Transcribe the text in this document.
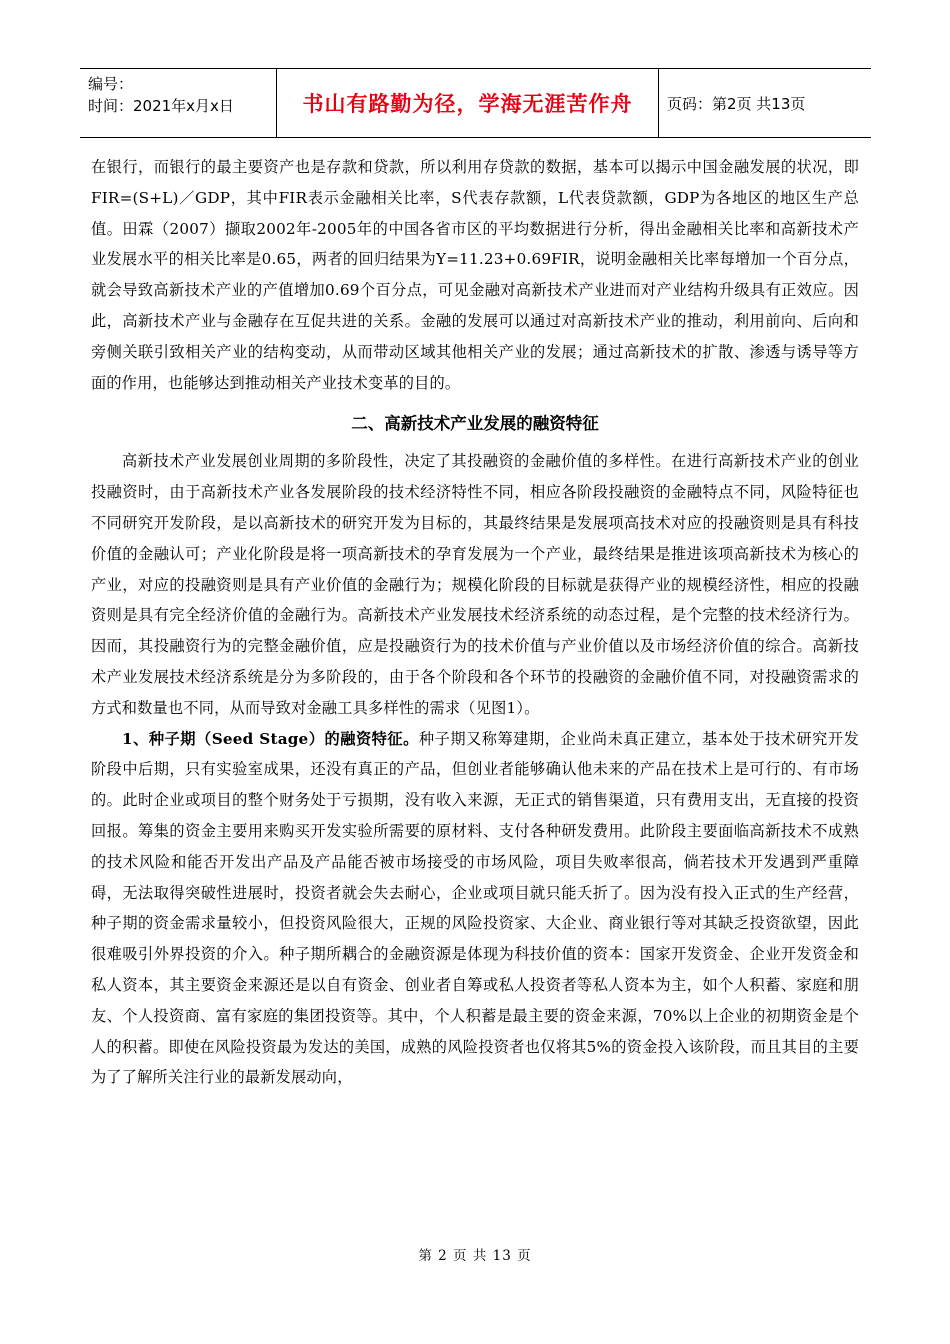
编号：
时间：2021年x月x日	书山有路勤为径，学海无涯苦作舟 页码：第2页 共13页

在银行，而银行的最主要资产也是存款和贷款，所以利用存贷款的数据，基本可以揭示中国金融发展的状况，即FIR=(S+L)／GDP，其中FIR表示金融相关比率，S代表存款额，L代表贷款额，GDP为各地区的地区生产总值。田霖（2007）撷取2002年-2005年的中国各省市区的平均数据进行分析，得出金融相关比率和高新技术产业发展水平的相关比率是0.65，两者的回归结果为Y=11.23+0.69FIR，说明金融相关比率每增加一个百分点，就会导致高新技术产业的产值增加0.69个百分点，可见金融对高新技术产业进而对产业结构升级具有正效应。因此，高新技术产业与金融存在互促共进的关系。金融的发展可以通过对高新技术产业的推动，利用前向、后向和旁侧关联引致相关产业的结构变动，从而带动区域其他相关产业的发展；通过高新技术的扩散、渗透与诱导等方面的作用，也能够达到推动相关产业技术变革的目的。

二、高新技术产业发展的融资特征

高新技术产业发展创业周期的多阶段性，决定了其投融资的金融价值的多样性。在进行高新技术产业的创业投融资时，由于高新技术产业各发展阶段的技术经济特性不同，相应各阶段投融资的金融特点不同，风险特征也不同研究开发阶段，是以高新技术的研究开发为目标的，其最终结果是发展项高技术对应的投融资则是具有科技价值的金融认可；产业化阶段是将一项高新技术的孕育发展为一个产业，最终结果是推进该项高新技术为核心的产业，对应的投融资则是具有产业价值的金融行为；规模化阶段的目标就是获得产业的规模经济性，相应的投融资则是具有完全经济价值的金融行为。高新技术产业发展技术经济系统的动态过程，是个完整的技术经济行为。因而，其投融资行为的完整金融价值，应是投融资行为的技术价值与产业价值以及市场经济价值的综合。高新技术产业发展技术经济系统是分为多阶段的，由于各个阶段和各个环节的投融资的金融价值不同，对投融资需求的方式和数量也不同，从而导致对金融工具多样性的需求（见图1）。

1、种子期（Seed Stage）的融资特征。种子期又称筹建期，企业尚未真正建立，基本处于技术研究开发阶段中后期，只有实验室成果，还没有真正的产品，但创业者能够确认他未来的产品在技术上是可行的、有市场的。此时企业或项目的整个财务处于亏损期，没有收入来源，无正式的销售渠道，只有费用支出，无直接的投资回报。筹集的资金主要用来购买开发实验所需要的原材料、支付各种研发费用。此阶段主要面临高新技术不成熟的技术风险和能否开发出产品及产品能否被市场接受的市场风险，项目失败率很高，倘若技术开发遇到严重障碍，无法取得突破性进展时，投资者就会失去耐心，企业或项目就只能夭折了。因为没有投入正式的生产经营，种子期的资金需求量较小，但投资风险很大，正规的风险投资家、大企业、商业银行等对其缺乏投资欲望，因此很难吸引外界投资的介入。种子期所耦合的金融资源是体现为科技价值的资本：国家开发资金、企业开发资金和私人资本，其主要资金来源还是以自有资金、创业者自筹或私人投资者等私人资本为主，如个人积蓄、家庭和朋友、个人投资商、富有家庭的集团投资等。其中，个人积蓄是最主要的资金来源，70%以上企业的初期资金是个人的积蓄。即使在风险投资最为发达的美国，成熟的风险投资者也仅将其5%的资金投入该阶段，而且其目的主要为了了解所关注行业的最新发展动向，

第 2 页 共 13 页
